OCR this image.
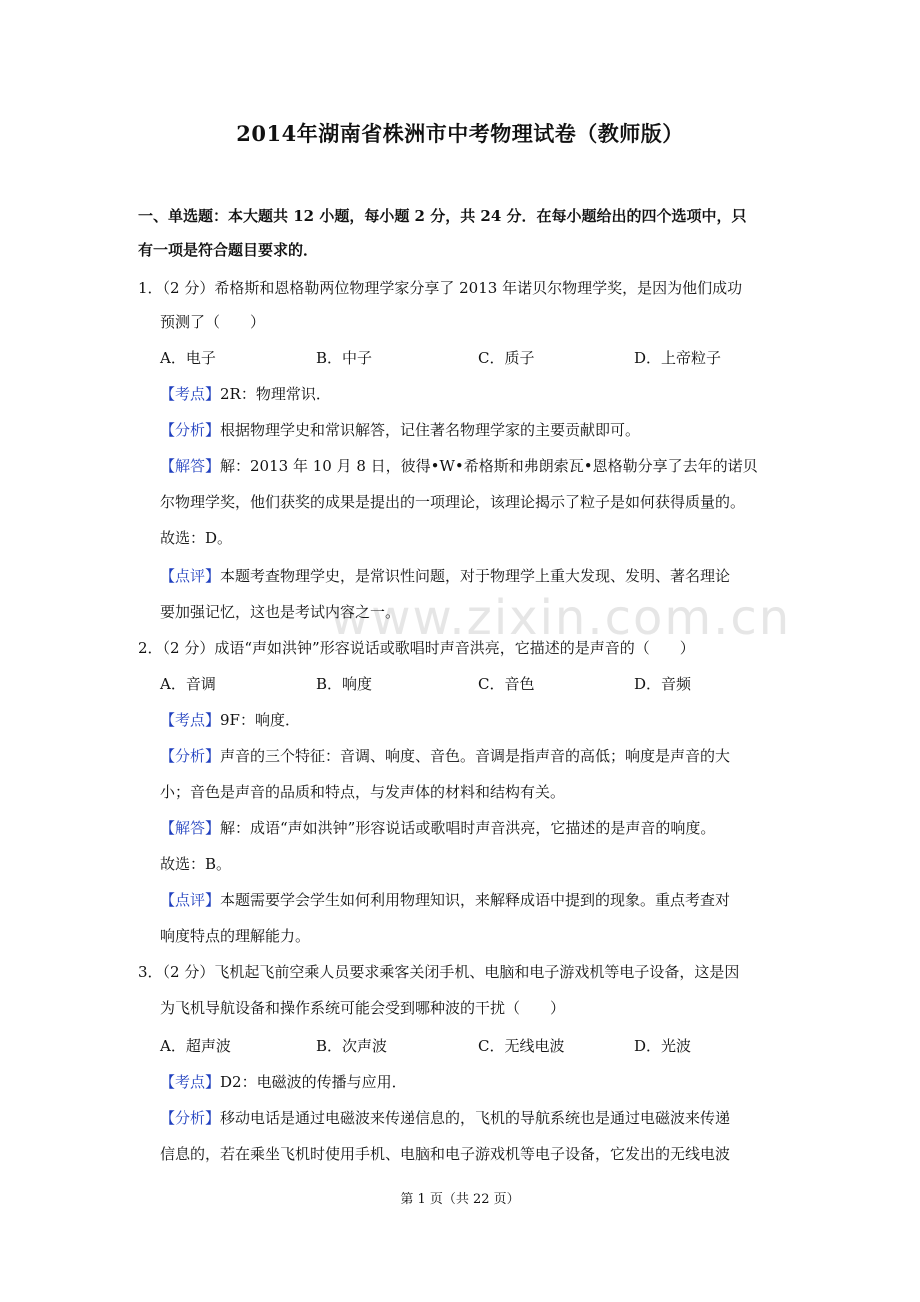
www.zixin.com.cn
2014年湖南省株洲市中考物理试卷（教师版）
一、单选题：本大题共 12 小题，每小题 2 分，共 24 分．在每小题给出的四个选项中，只
有一项是符合题目要求的．
1．（2 分）希格斯和恩格勒两位物理学家分享了 2013 年诺贝尔物理学奖，是因为他们成功
预测了（　　）
A．电子	B．中子	C．质子	D．上帝粒子
【考点】2R：物理常识．
【分析】根据物理学史和常识解答，记住著名物理学家的主要贡献即可。
【解答】解：2013 年 10 月 8 日，彼得•W•希格斯和弗朗索瓦•恩格勒分享了去年的诺贝
尔物理学奖，他们获奖的成果是提出的一项理论，该理论揭示了粒子是如何获得质量的。
故选：D。
【点评】本题考查物理学史，是常识性问题，对于物理学上重大发现、发明、著名理论
要加强记忆，这也是考试内容之一。
2．（2 分）成语“声如洪钟”形容说话或歌唱时声音洪亮，它描述的是声音的（　　）
A．音调	B．响度	C．音色	D．音频
【考点】9F：响度．
【分析】声音的三个特征：音调、响度、音色。音调是指声音的高低；响度是声音的大
小；音色是声音的品质和特点，与发声体的材料和结构有关。
【解答】解：成语“声如洪钟”形容说话或歌唱时声音洪亮，它描述的是声音的响度。
故选：B。
【点评】本题需要学会学生如何利用物理知识，来解释成语中提到的现象。重点考查对
响度特点的理解能力。
3．（2 分）飞机起飞前空乘人员要求乘客关闭手机、电脑和电子游戏机等电子设备，这是因
为飞机导航设备和操作系统可能会受到哪种波的干扰（　　）
A．超声波	B．次声波	C．无线电波	D．光波
【考点】D2：电磁波的传播与应用．
【分析】移动电话是通过电磁波来传递信息的，飞机的导航系统也是通过电磁波来传递
信息的，若在乘坐飞机时使用手机、电脑和电子游戏机等电子设备，它发出的无线电波
第 1 页（共 22 页）
